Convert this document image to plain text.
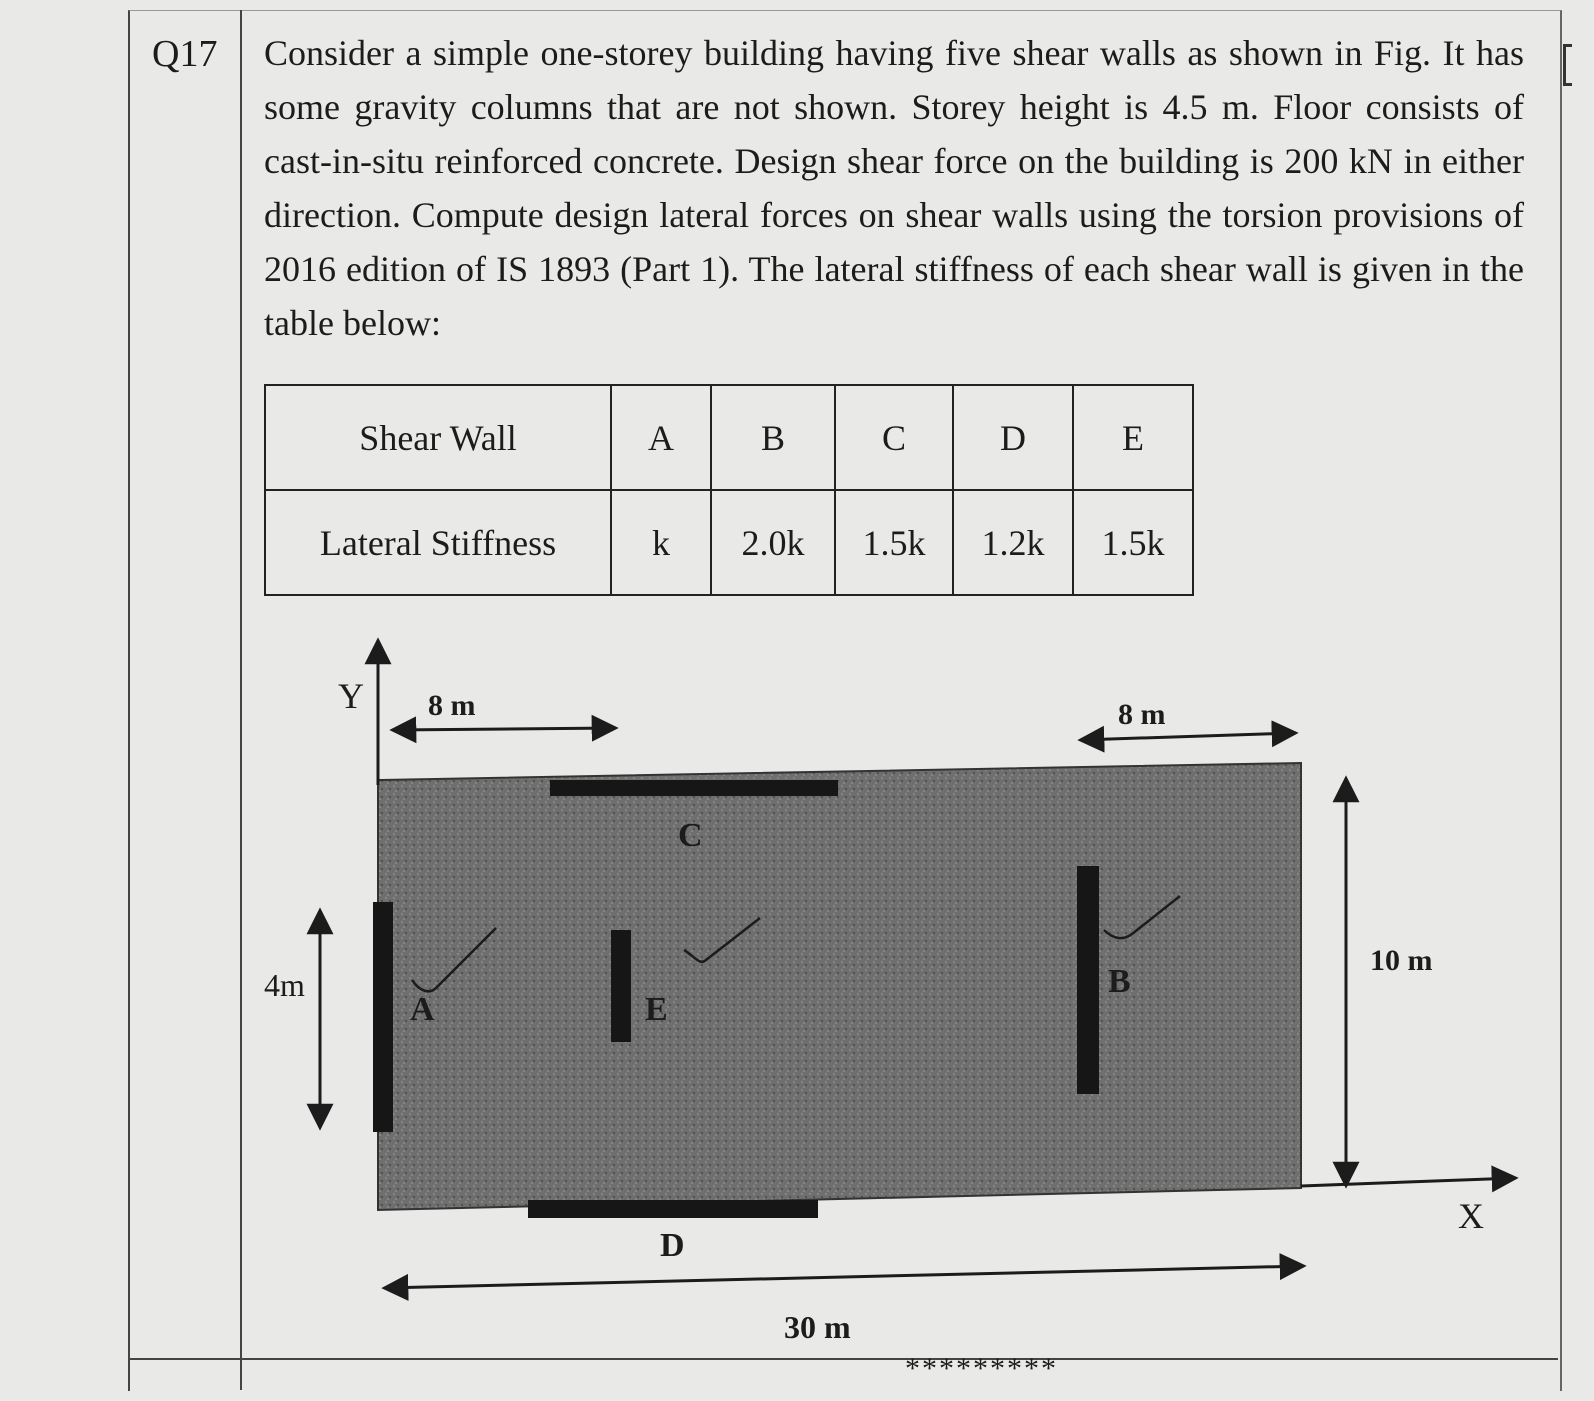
Q17 Consider a simple one-storey building having five shear walls as shown in Fig. It has some gravity columns that are not shown. Storey height is 4.5 m. Floor consists of cast-in-situ reinforced concrete. Design shear force on the building is 200 kN in either direction. Compute design lateral forces on shear walls using the torsion provisions of 2016 edition of IS 1893 (Part 1). The lateral stiffness of each shear wall is given in the table below:
Shear Wall	A	B	C	D	E
Lateral Stiffness	k	2.0k	1.5k	1.2k	1.5k
Y
X
8 m	8 m
4m
10 m
30 m
C
D
A	E
B
*********
